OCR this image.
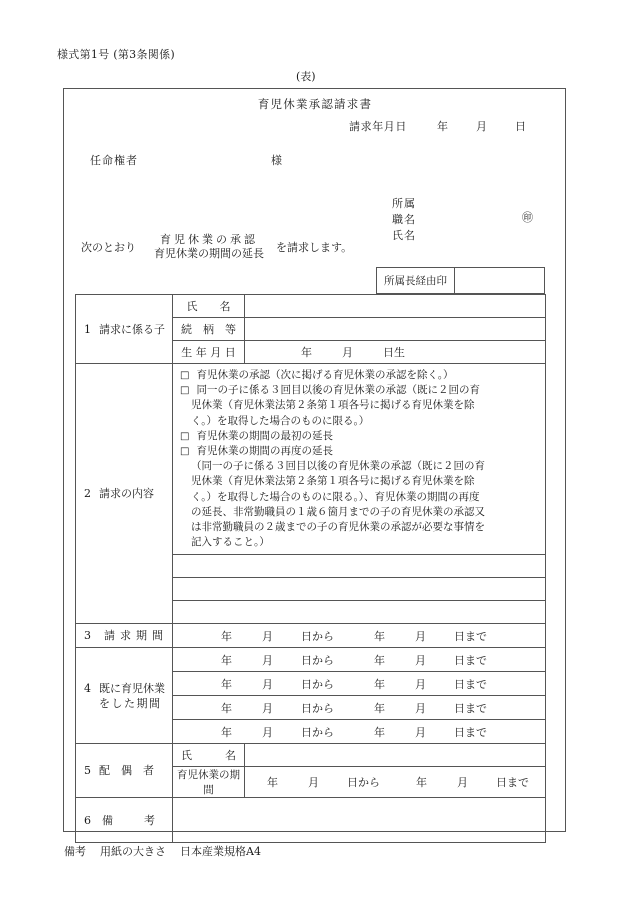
様式第1号 (第3条関係)
(表)
育児休業承認請求書
請求年月日	年	月	日
任命権者	様
所属
職名
氏名
㊞
次のとおり
育児休業の承認
育児休業の期間の延長 を請求します。
所属長経由印
1 請求に係る子	氏　　名	
	続　柄　等	
	生 年 月 日	年 月 日生

2 請求の内容	
□ 育児休業の承認（次に掲げる育児休業の承認を除く。）
□ 同一の子に係る３回目以後の育児休業の承認（既に２回の育
児休業（育児休業法第２条第１項各号に掲げる育児休業を除
く。）を取得した場合のものに限る。）
□ 育児休業の期間の最初の延長
□ 育児休業の期間の再度の延長
（同一の子に係る３回目以後の育児休業の承認（既に２回の育
児休業（育児休業法第２条第１項各号に掲げる育児休業を除
く。）を取得した場合のものに限る。）、育児休業の期間の再度
の延長、非常勤職員の１歳６箇月までの子の育児休業の承認又
は非常勤職員の２歳までの子の育児休業の承認が必要な事情を
記入すること。）

3 請求期間	年 月 日から 年 月 日まで	

4 既に育児休業
をした期間	年 月 日から 年 月 日まで	

	年 月 日から 年 月 日まで	

	年 月 日から 年 月 日まで	

	年 月 日から 年 月 日まで	

5 配　偶　者	氏　　　名	
	育児休業の期間	年 月 日から 年 月 日まで

6 備　　考		
備考 用紙の大きさ 日本産業規格A4
